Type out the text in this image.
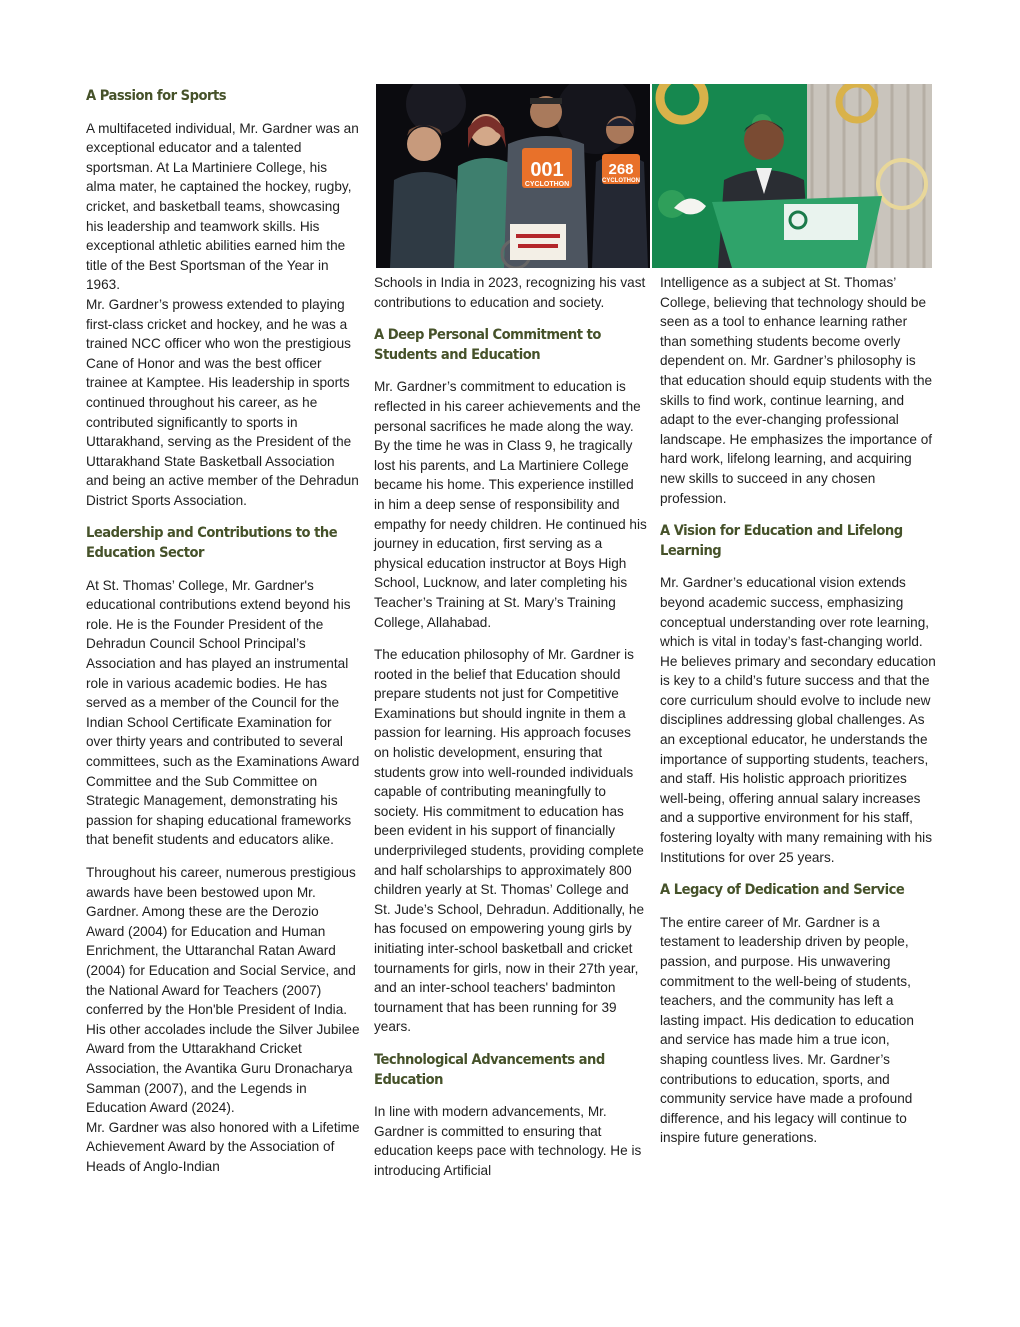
A Passion for Sports

A multifaceted individual, Mr. Gardner was an exceptional educator and a talented sportsman. At La Martiniere College, his alma mater, he captained the hockey, rugby, cricket, and basketball teams, showcasing his leadership and teamwork skills. His exceptional athletic abilities earned him the title of the Best Sportsman of the Year in 1963.

Mr. Gardner’s prowess extended to playing first-class cricket and hockey, and he was a trained NCC officer who won the prestigious Cane of Honor and was the best officer trainee at Kamptee. His leadership in sports continued throughout his career, as he contributed significantly to sports in Uttarakhand, serving as the President of the Uttarakhand State Basketball Association and being an active member of the Dehradun District Sports Association.

Leadership and Contributions to the Education Sector

At St. Thomas’ College, Mr. Gardner's educational contributions extend beyond his role. He is the Founder President of the Dehradun Council School Principal’s Association and has played an instrumental role in various academic bodies. He has served as a member of the Council for the Indian School Certificate Examination for over thirty years and contributed to several committees, such as the Examinations Award Committee and the Sub Committee on Strategic Management, demonstrating his passion for shaping educational frameworks that benefit students and educators alike.

Throughout his career, numerous prestigious awards have been bestowed upon Mr. Gardner. Among these are the Derozio Award (2004) for Education and Human Enrichment, the Uttaranchal Ratan Award (2004) for Education and Social Service, and the National Award for Teachers (2007) conferred by the Hon'ble President of India. His other accolades include the Silver Jubilee Award from the Uttarakhand Cricket Association, the Avantika Guru Dronacharya Samman (2007), and the Legends in Education Award (2024).

Mr. Gardner was also honored with a Lifetime Achievement Award by the Association of Heads of Anglo-Indian

001
CYCLOTHON
268
CYCLOTHON

Schools in India in 2023, recognizing his vast contributions to education and society.

A Deep Personal Commitment to Students and Education

Mr. Gardner’s commitment to education is reflected in his career achievements and the personal sacrifices he made along the way. By the time he was in Class 9, he tragically lost his parents, and La Martiniere College became his home. This experience instilled in him a deep sense of responsibility and empathy for needy children. He continued his journey in education, first serving as a physical education instructor at Boys High School, Lucknow, and later completing his Teacher’s Training at St. Mary’s Training College, Allahabad.

The education philosophy of Mr. Gardner is rooted in the belief that Education should prepare students not just for Competitive Examinations but should ingnite in them a passion for learning. His approach focuses on holistic development, ensuring that students grow into well-rounded individuals capable of contributing meaningfully to society. His commitment to education has been evident in his support of financially underprivileged students, providing complete and half scholarships to approximately 800 children yearly at St. Thomas’ College and St. Jude’s School, Dehradun. Additionally, he has focused on empowering young girls by initiating inter-school basketball and cricket tournaments for girls, now in their 27th year, and an inter-school teachers' badminton tournament that has been running for 39 years.

Technological Advancements and Education

In line with modern advancements, Mr. Gardner is committed to ensuring that education keeps pace with technology. He is introducing Artificial

Intelligence as a subject at St. Thomas’ College, believing that technology should be seen as a tool to enhance learning rather than something students become overly dependent on. Mr. Gardner’s philosophy is that education should equip students with the skills to find work, continue learning, and adapt to the ever-changing professional landscape. He emphasizes the importance of hard work, lifelong learning, and acquiring new skills to succeed in any chosen profession.

A Vision for Education and Lifelong Learning

Mr. Gardner’s educational vision extends beyond academic success, emphasizing conceptual understanding over rote learning, which is vital in today’s fast-changing world. He believes primary and secondary education is key to a child’s future success and that the core curriculum should evolve to include new disciplines addressing global challenges. As an exceptional educator, he understands the importance of supporting students, teachers, and staff. His holistic approach prioritizes well-being, offering annual salary increases and a supportive environment for his staff, fostering loyalty with many remaining with his Institutions for over 25 years.

A Legacy of Dedication and Service

The entire career of Mr. Gardner is a testament to leadership driven by people, passion, and purpose. His unwavering commitment to the well-being of students, teachers, and the community has left a lasting impact. His dedication to education and service has made him a true icon, shaping countless lives. Mr. Gardner’s contributions to education, sports, and community service have made a profound difference, and his legacy will continue to inspire future generations.
